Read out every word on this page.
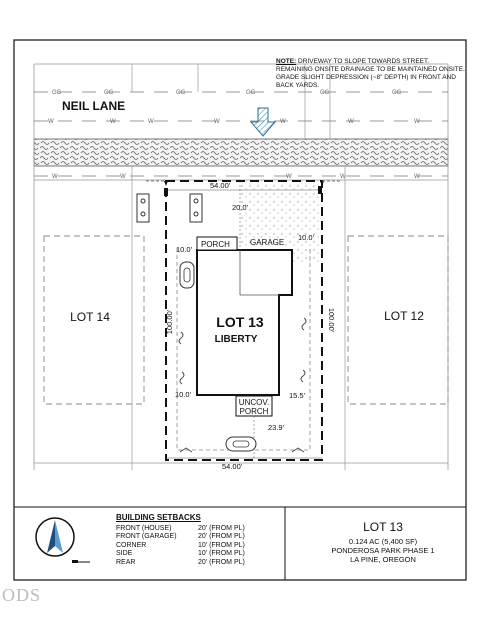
GG	GG	GG	GG	GG	GG
W	W	W	W	W	W	W
W	W	W	W	W
NEIL LANE
LOT 14	LOT 12
PORCH	GARAGE
LOT 13
LIBERTY
UNCOV.
PORCH
54.00'
54.00'
20.0'
10.0'
10.0'
10.0'	15.5'
23.9'
100.00'	100.00'
NOTE: DRIVEWAY TO SLOPE TOWARDS STREET. REMAINING ONSITE DRAINAGE TO BE MAINTAINED ONSITE. GRADE SLIGHT DEPRESSION (~8" DEPTH) IN FRONT AND BACK YARDS.
BUILDING SETBACKS
FRONT (HOUSE)	20' (FROM PL)
FRONT (GARAGE)	20' (FROM PL)
CORNER	10' (FROM PL)
SIDE	10' (FROM PL)
REAR	20' (FROM PL)
LOT 13
0.124 AC (5,400 SF)
PONDEROSA PARK PHASE 1
LA PINE, OREGON
ODS
